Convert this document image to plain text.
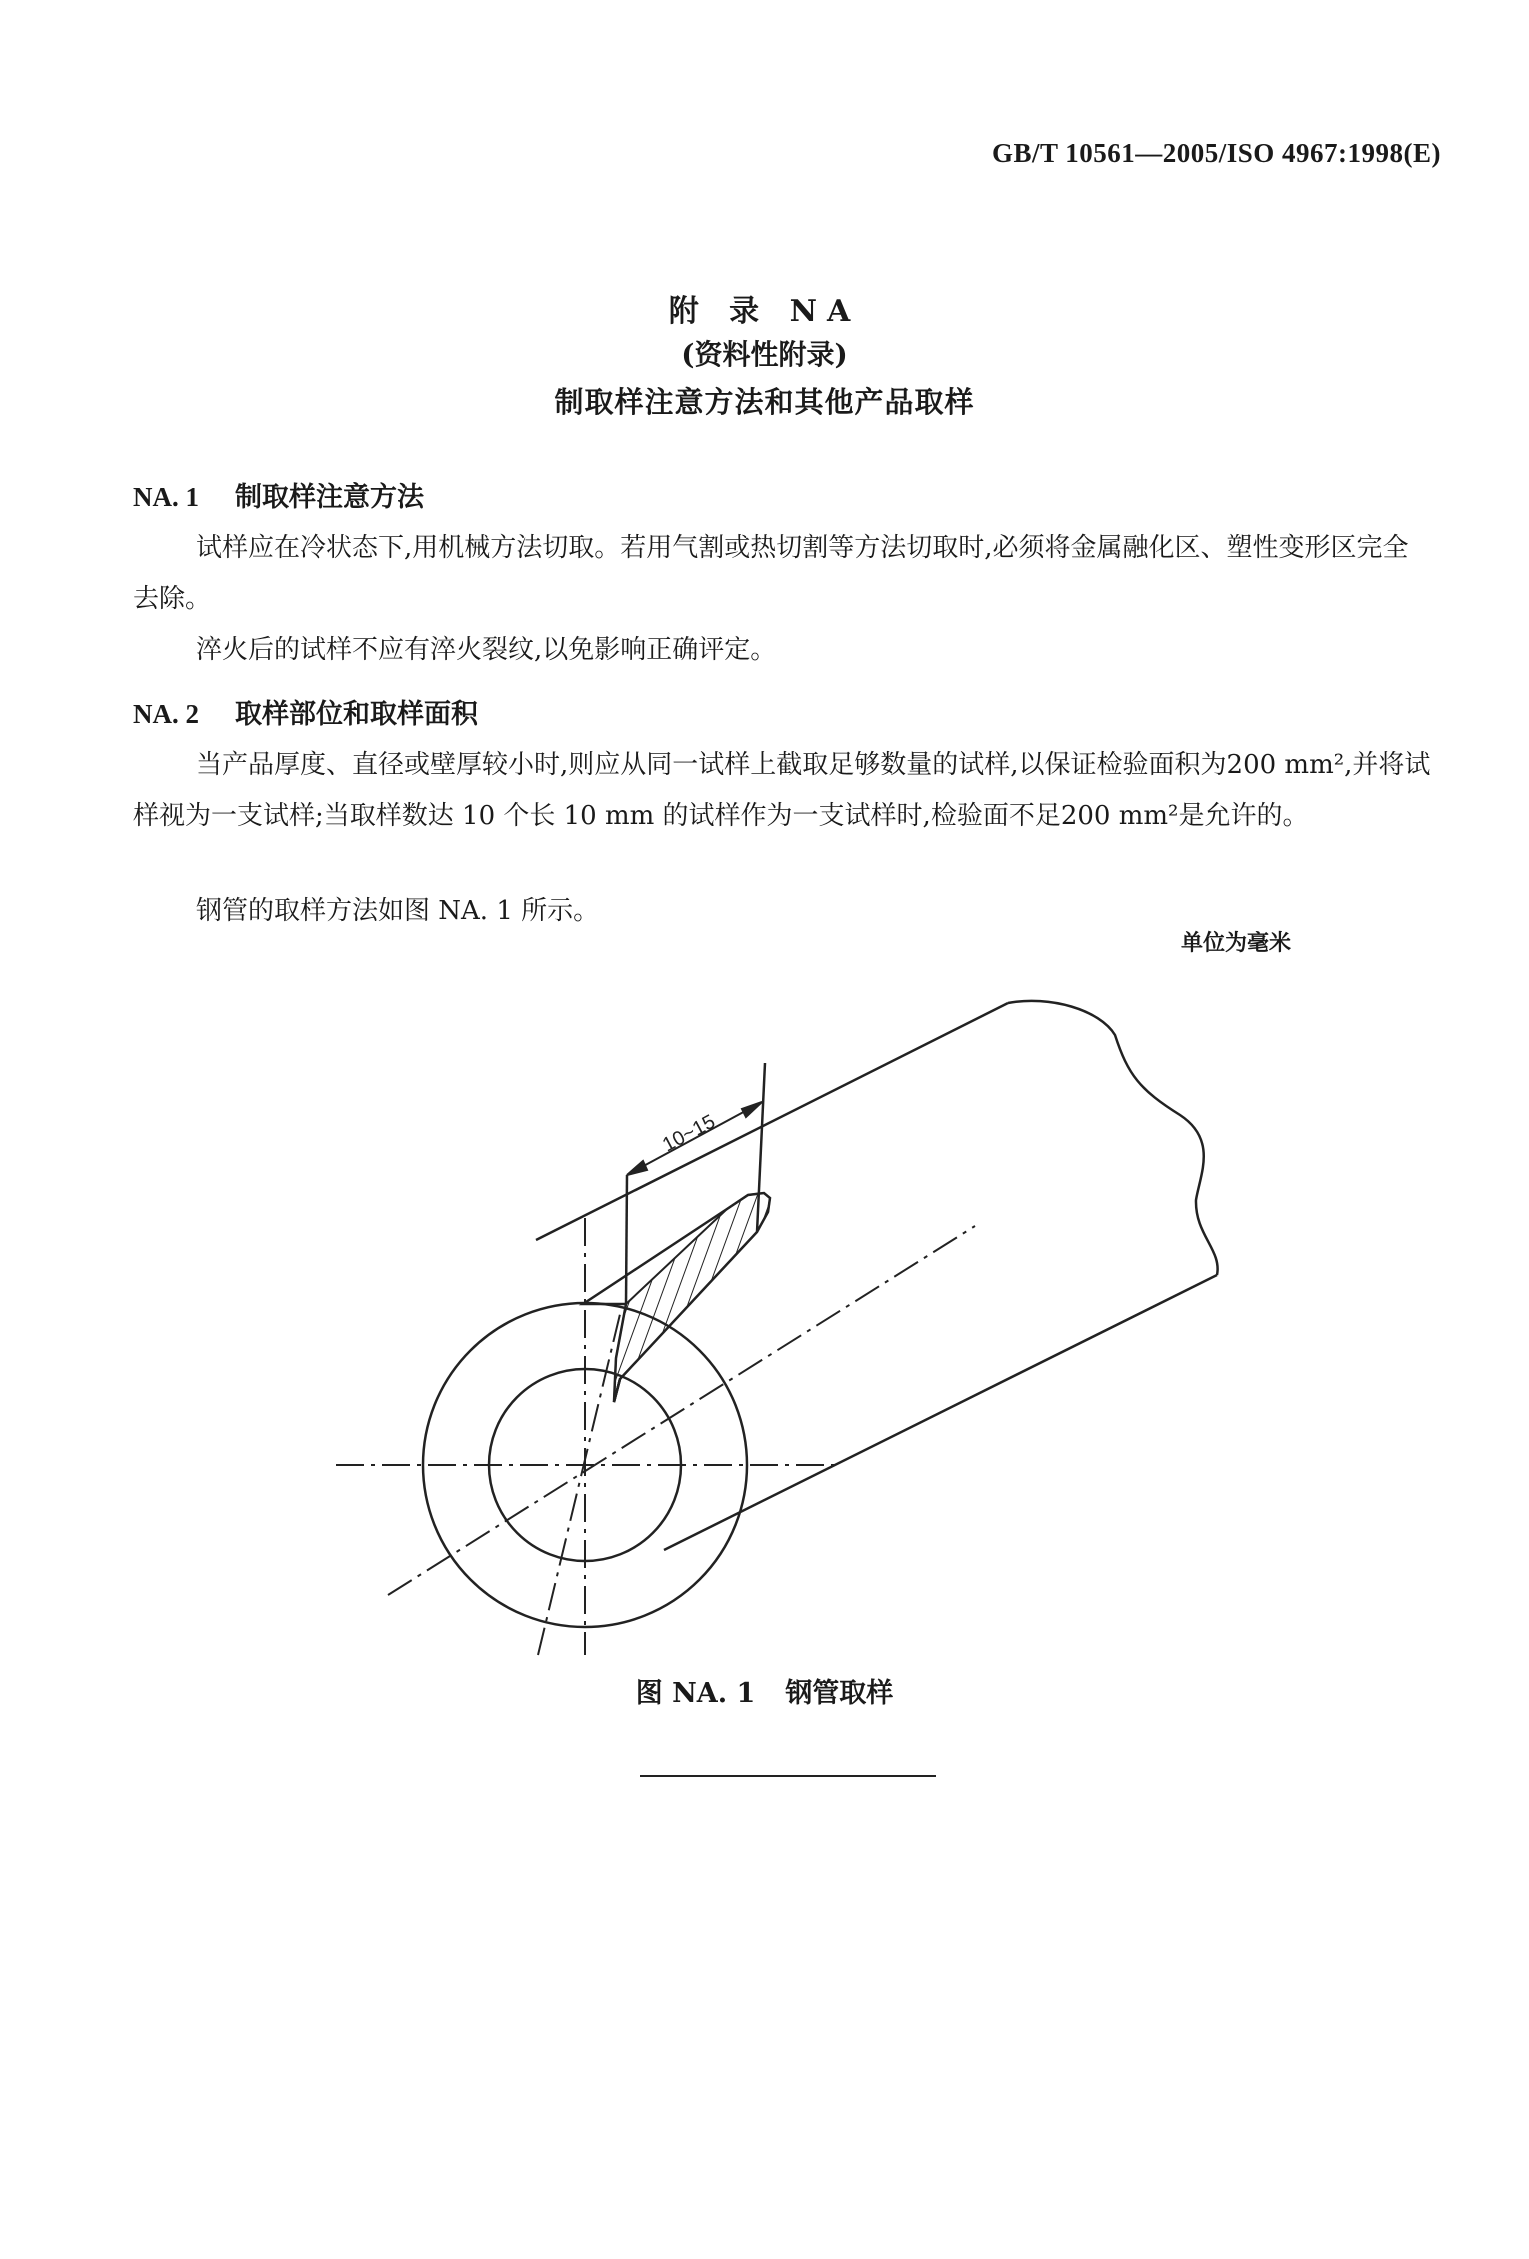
GB/T 10561—2005/ISO 4967:1998(E)
附 录 NA
(资料性附录)
制取样注意方法和其他产品取样
NA. 1 制取样注意方法

试样应在冷状态下,用机械方法切取。若用气割或热切割等方法切取时,必须将金属融化区、塑性变形区完全去除。

淬火后的试样不应有淬火裂纹,以免影响正确评定。

NA. 2 取样部位和取样面积

当产品厚度、直径或壁厚较小时,则应从同一试样上截取足够数量的试样,以保证检验面积为200 mm²,并将试样视为一支试样;当取样数达 10 个长 10 mm 的试样作为一支试样时,检验面不足200 mm²是允许的。

钢管的取样方法如图 NA. 1 所示。

单位为毫米
10~15
图 NA. 1 钢管取样
